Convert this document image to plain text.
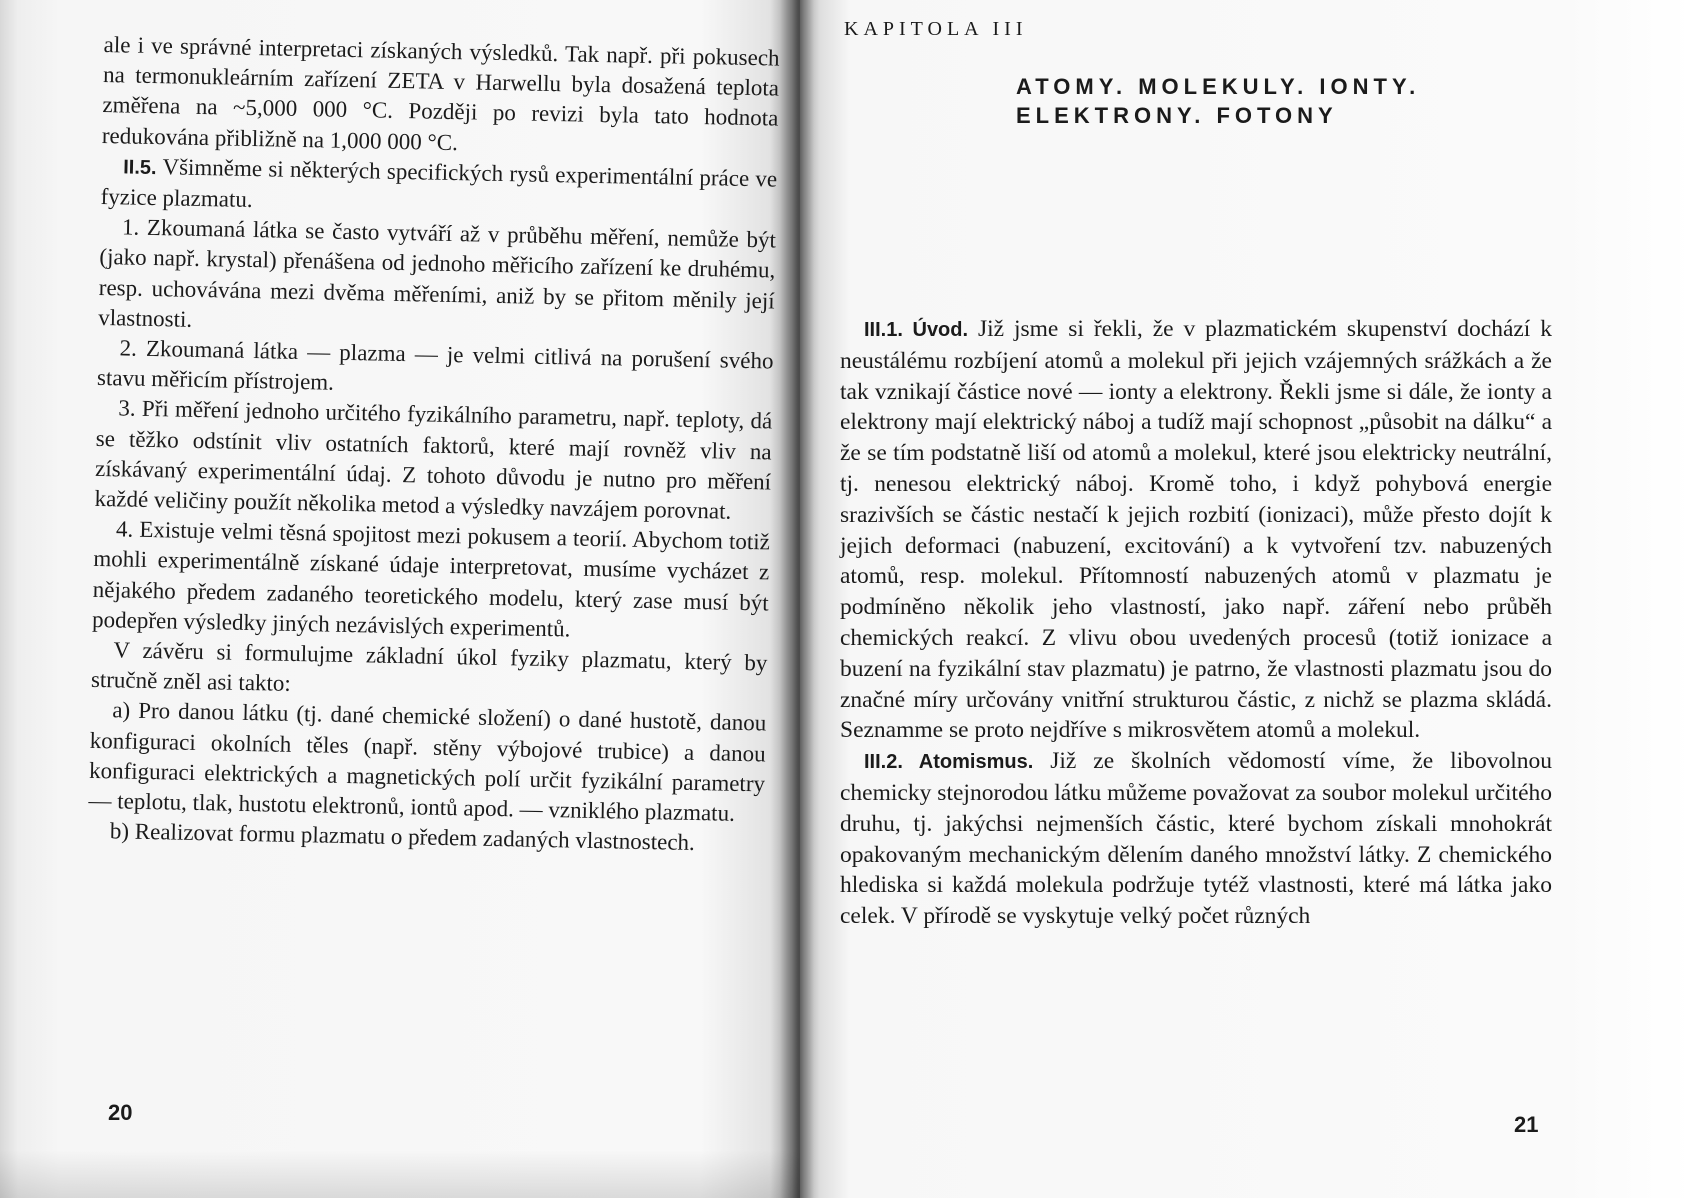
ale i ve správné interpretaci získaných výsledků. Tak např. při pokusech na termonukleárním zařízení ZETA v Harwellu byla dosažená teplota změřena na ~5,000 000 °C. Později po revizi byla tato hodnota redukována přibližně na 1,000 000 °C.

II.5. Všimněme si některých specifických rysů experimentální práce ve fyzice plazmatu.

1. Zkoumaná látka se často vytváří až v průběhu měření, nemůže být (jako např. krystal) přenášena od jednoho měřicího zařízení ke druhému, resp. uchovávána mezi dvěma měřeními, aniž by se přitom měnily její vlastnosti.

2. Zkoumaná látka — plazma — je velmi citlivá na porušení svého stavu měřicím přístrojem.

3. Při měření jednoho určitého fyzikálního parametru, např. teploty, dá se těžko odstínit vliv ostatních faktorů, které mají rovněž vliv na získávaný experimentální údaj. Z tohoto důvodu je nutno pro měření každé veličiny použít několika metod a výsledky navzájem porovnat.

4. Existuje velmi těsná spojitost mezi pokusem a teorií. Abychom totiž mohli experimentálně získané údaje interpretovat, musíme vycházet z nějakého předem zadaného teoretického modelu, který zase musí být podepřen výsledky jiných nezávislých experimentů.

V závěru si formulujme základní úkol fyziky plazmatu, který by stručně zněl asi takto:

a) Pro danou látku (tj. dané chemické složení) o dané hustotě, danou konfiguraci okolních těles (např. stěny výbojové trubice) a danou konfiguraci elektrických a magnetických polí určit fyzikální parametry — teplotu, tlak, hustotu elektronů, iontů apod. — vzniklého plazmatu.

b) Realizovat formu plazmatu o předem zadaných vlastnostech.

20
KAPITOLA III
ATOMY. MOLEKULY. IONTY.
ELEKTRONY. FOTONY

III.1. Úvod. Již jsme si řekli, že v plazmatickém skupenství dochází k neustálému rozbíjení atomů a molekul při jejich vzájemných srážkách a že tak vznikají částice nové — ionty a elektrony. Řekli jsme si dále, že ionty a elektrony mají elektrický náboj a tudíž mají schopnost „působit na dálku“ a že se tím podstatně liší od atomů a molekul, které jsou elektricky neutrální, tj. nenesou elektrický náboj. Kromě toho, i když pohybová energie srazivších se částic nestačí k jejich rozbití (ionizaci), může přesto dojít k jejich deformaci (nabuzení, excitování) a k vytvoření tzv. nabuzených atomů, resp. molekul. Přítomností nabuzených atomů v plazmatu je podmíněno několik jeho vlastností, jako např. záření nebo průběh chemických reakcí. Z vlivu obou uvedených procesů (totiž ionizace a buzení na fyzikální stav plazmatu) je patrno, že vlastnosti plazmatu jsou do značné míry určovány vnitřní strukturou částic, z nichž se plazma skládá. Seznamme se proto nejdříve s mikrosvětem atomů a molekul.

III.2. Atomismus. Již ze školních vědomostí víme, že libovolnou chemicky stejnorodou látku můžeme považovat za soubor molekul určitého druhu, tj. jakýchsi nejmenších částic, které bychom získali mnohokrát opakovaným mechanickým dělením daného množství látky. Z chemického hlediska si každá molekula podržuje tytéž vlastnosti, které má látka jako celek. V přírodě se vyskytuje velký počet různých

21
